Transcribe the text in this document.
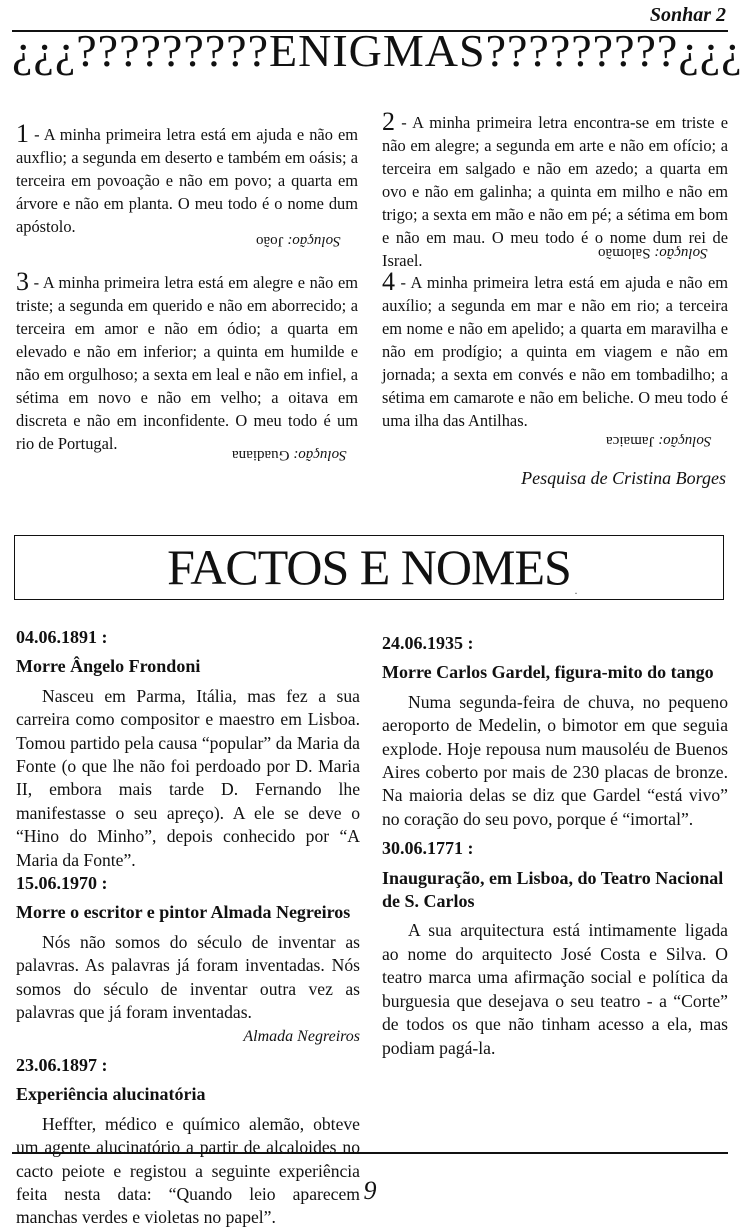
Sonhar 2
¿¿¿?????????ENIGMAS?????????¿¿¿
1 - A minha primeira letra está em ajuda e não em auxflio; a segunda em deserto e também em oásis; a terceira em povoação e não em povo; a quarta em árvore e não em planta. O meu todo é o nome dum apóstolo.
Solução: João
2 - A minha primeira letra encontra-se em triste e não em alegre; a segunda em arte e não em ofício; a terceira em salgado e não em azedo; a quarta em ovo e não em galinha; a quinta em milho e não em trigo; a sexta em mão e não em pé; a sétima em bom e não em mau. O meu todo é o nome dum rei de Israel.	Solução: Salomão
3 - A minha primeira letra está em alegre e não em triste; a segunda em querido e não em aborrecido; a terceira em amor e não em ódio; a quarta em elevado e não em inferior; a quinta em humilde e não em orgulhoso; a sexta em leal e não em infiel, a sétima em novo e não em velho; a oitava em discreta e não em inconfidente. O meu todo é um rio de Portugal.
Solução: Guadiana
4 - A minha primeira letra está em ajuda e não em auxílio; a segunda em mar e não em rio; a terceira em nome e não em apelido; a quarta em maravilha e não em prodígio; a quinta em viagem e não em jornada; a sexta em convés e não em tombadilho; a sétima em camarote e não em beliche. O meu todo é uma ilha das Antilhas.
Solução: Jamaica
Pesquisa de Cristina Borges
FACTOS E NOMES ·
04.06.1891 :
Morre Ângelo Frondoni

Nasceu em Parma, Itália, mas fez a sua carreira como compositor e maestro em Lisboa. Tomou partido pela causa “popular” da Maria da Fonte (o que lhe não foi perdoado por D. Maria II, embora mais tarde D. Fernando lhe manifestasse o seu apreço). A ele se deve o “Hino do Minho”, depois conhecido por “A Maria da Fonte”.

15.06.1970 :
Morre o escritor e pintor Almada Negreiros

Nós não somos do século de inventar as palavras. As palavras já foram inventadas. Nós somos do século de inventar outra vez as palavras que já foram inventadas.

Almada Negreiros
23.06.1897 :
Experiência alucinatória

Heffter, médico e químico alemão, obteve um agente alucinatório a partir de alcaloides no cacto peiote e registou a seguinte experiência feita nesta data: “Quando leio aparecem manchas verdes e violetas no papel”.

24.06.1935 :
Morre Carlos Gardel, figura-mito do tango

Numa segunda-feira de chuva, no pequeno aeroporto de Medelin, o bimotor em que seguia explode. Hoje repousa num mausoléu de Buenos Aires coberto por mais de 230 placas de bronze. Na maioria delas se diz que Gardel “está vivo” no coração do seu povo, porque é “imortal”.

30.06.1771 :
Inauguração, em Lisboa, do Teatro Nacional de S. Carlos

A sua arquitectura está intimamente ligada ao nome do arquitecto José Costa e Silva. O teatro marca uma afirmação social e política da burguesia que desejava o seu teatro - a “Corte” de todos os que não tinham acesso a ela, mas podiam pagá-la.

9
